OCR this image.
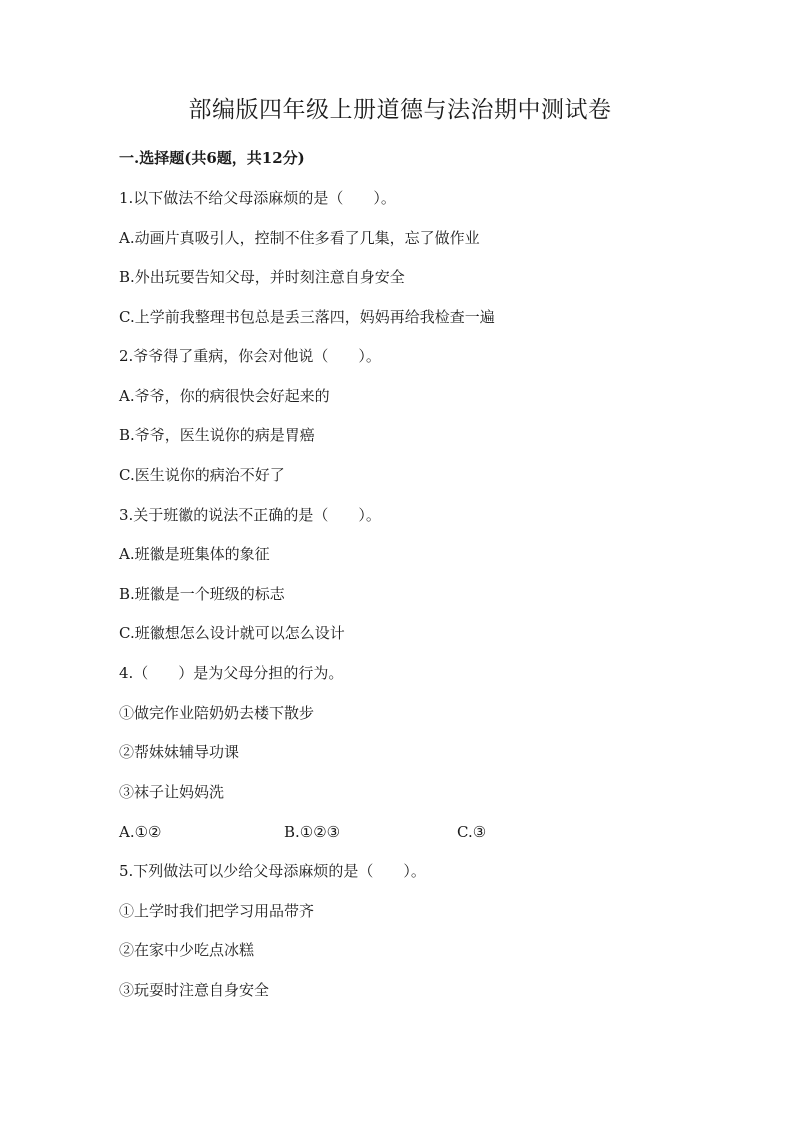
部编版四年级上册道德与法治期中测试卷
一.选择题(共6题，共12分)
1.以下做法不给父母添麻烦的是（　　）。
A.动画片真吸引人，控制不住多看了几集，忘了做作业
B.外出玩要告知父母，并时刻注意自身安全
C.上学前我整理书包总是丢三落四，妈妈再给我检查一遍
2.爷爷得了重病，你会对他说（　　）。
A.爷爷，你的病很快会好起来的
B.爷爷，医生说你的病是胃癌
C.医生说你的病治不好了
3.关于班徽的说法不正确的是（　　）。
A.班徽是班集体的象征
B.班徽是一个班级的标志
C.班徽想怎么设计就可以怎么设计
4.（　　）是为父母分担的行为。
①做完作业陪奶奶去楼下散步
②帮妹妹辅导功课
③袜子让妈妈洗
A.①②	B.①②③	C.③
5.下列做法可以少给父母添麻烦的是（　　）。
①上学时我们把学习用品带齐
②在家中少吃点冰糕
③玩耍时注意自身安全
